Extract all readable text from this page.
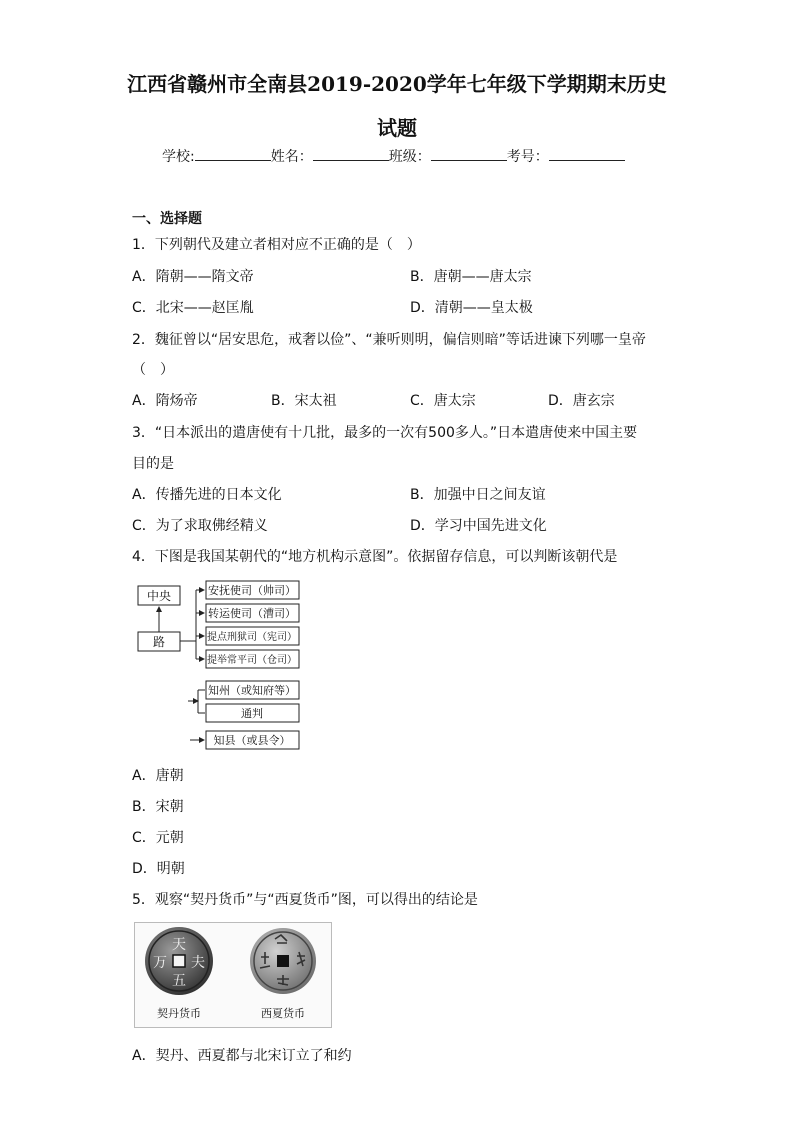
江西省赣州市全南县2019-2020学年七年级下学期期末历史
试题
学校:	姓名：	班级：	考号：
一、选择题
1．下列朝代及建立者相对应不正确的是（　）
A．隋朝——隋文帝	B．唐朝——唐太宗
C．北宋——赵匡胤	D．清朝——皇太极
2．魏征曾以“居安思危，戒奢以俭”、“兼听则明，偏信则暗”等话进谏下列哪一皇帝
（　）
A．隋炀帝	B．宋太祖	C．唐太宗	D．唐玄宗
3．“日本派出的遣唐使有十几批，最多的一次有500多人。”日本遣唐使来中国主要
目的是
A．传播先进的日本文化	B．加强中日之间友谊
C．为了求取佛经精义	D．学习中国先进文化
4．下图是我国某朝代的“地方机构示意图”。依据留存信息，可以判断该朝代是
中央
路
安抚使司（帅司）
转运使司（漕司）
提点刑狱司（宪司）
提举常平司（仓司）
知州（或知府等）
通判
知县（或县令）
A．唐朝
B．宋朝
C．元朝
D．明朝
5．观察“契丹货币”与“西夏货币”图，可以得出的结论是
天
万 夫
五
契丹货币	西夏货币
A．契丹、西夏都与北宋订立了和约
